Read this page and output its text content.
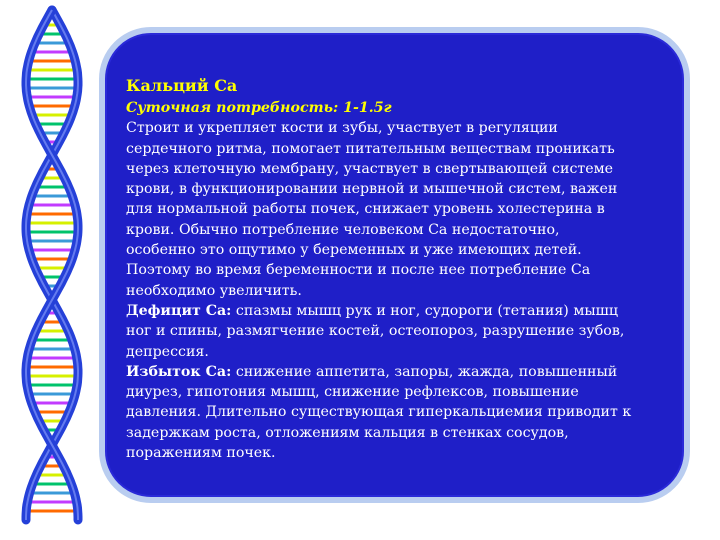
Кальций Ca
Суточная потребность: 1-1.5г
Строит и укрепляет кости и зубы, участвует в регуляции
сердечного ритма, помогает питательным веществам проникать
через клеточную мембрану, участвует в свертывающей системе
крови, в функционировании нервной и мышечной систем, важен
для нормальной работы почек, снижает уровень холестерина в
крови. Обычно потребление человеком Ca недостаточно,
особенно это ощутимо у беременных и уже имеющих детей.
Поэтому во время беременности и после нее потребление Ca
необходимо увеличить.
Дефицит Ca: спазмы мышц рук и ног, судороги (тетания) мышц
ног и спины, размягчение костей, остеопороз, разрушение зубов,
депрессия.
Избыток Ca: снижение аппетита, запоры, жажда, повышенный
диурез, гипотония мышц, снижение рефлексов, повышение
давления. Длительно существующая гиперкальциемия приводит к
задержкам роста, отложениям кальция в стенках сосудов,
поражениям почек.
